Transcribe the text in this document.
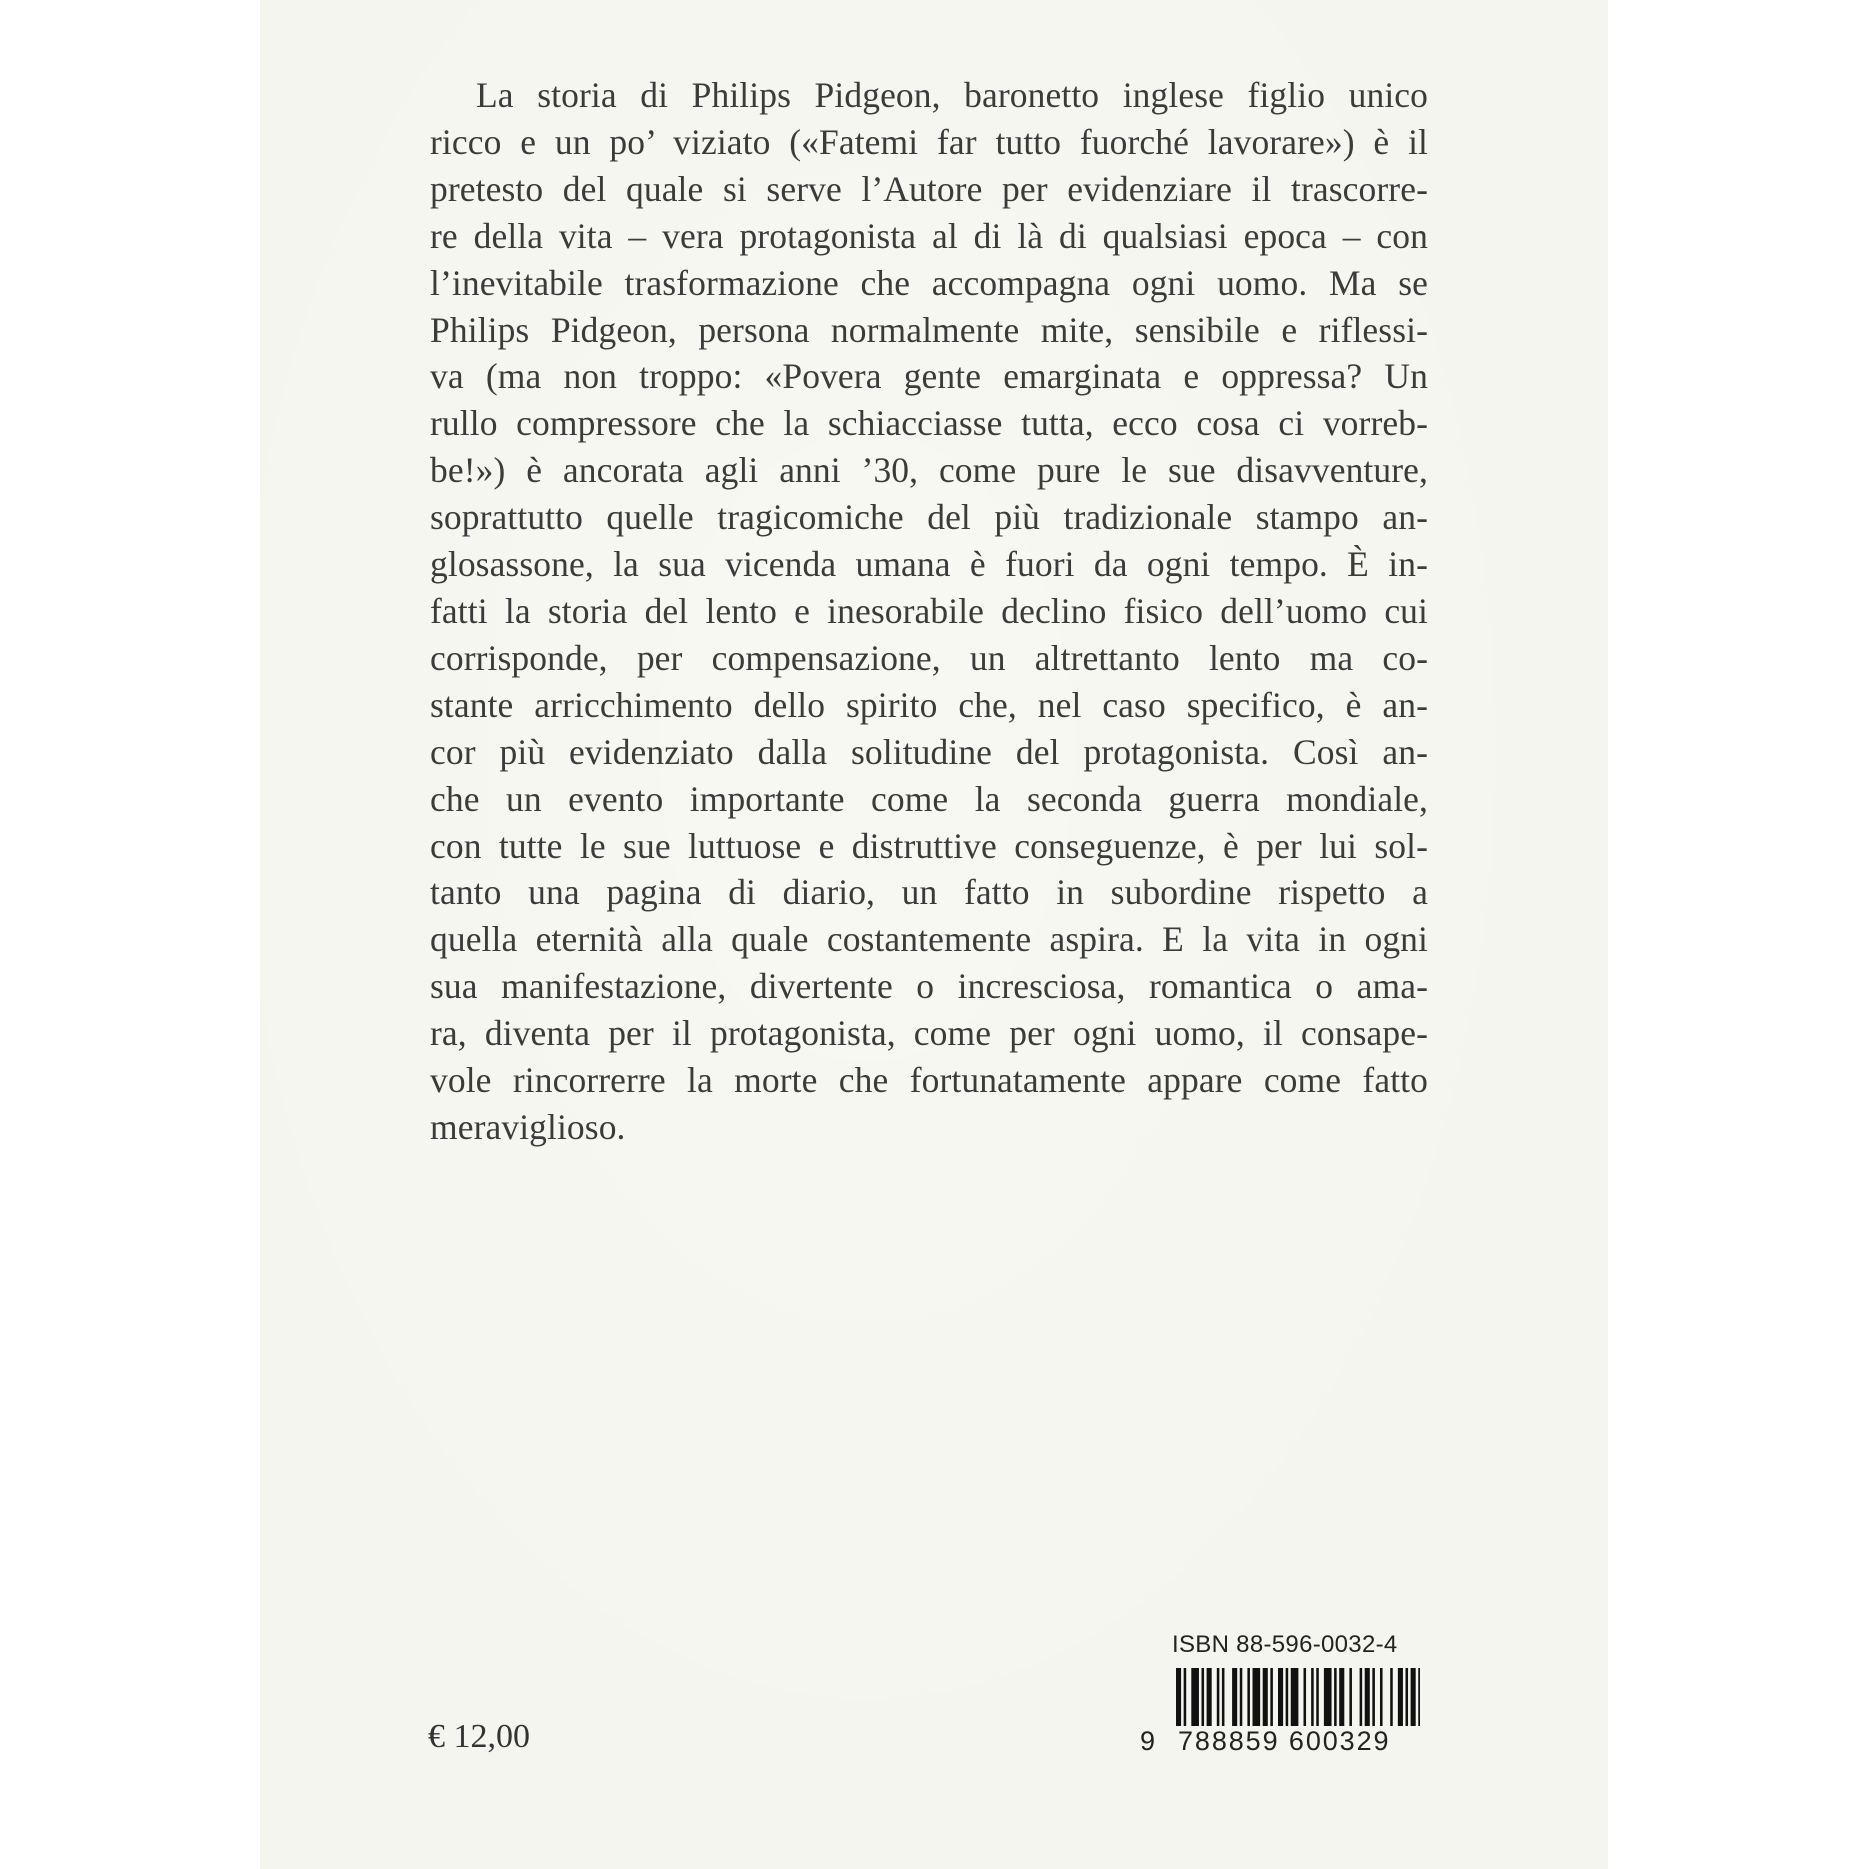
La storia di Philips Pidgeon, baronetto inglese figlio unico
ricco e un po’ viziato («Fatemi far tutto fuorché lavorare») è il
pretesto del quale si serve l’Autore per evidenziare il trascorre-
re della vita – vera protagonista al di là di qualsiasi epoca – con
l’inevitabile trasformazione che accompagna ogni uomo. Ma se
Philips Pidgeon, persona normalmente mite, sensibile e riflessi-
va (ma non troppo: «Povera gente emarginata e oppressa? Un
rullo compressore che la schiacciasse tutta, ecco cosa ci vorreb-
be!») è ancorata agli anni ’30, come pure le sue disavventure,
soprattutto quelle tragicomiche del più tradizionale stampo an-
glosassone, la sua vicenda umana è fuori da ogni tempo. È in-
fatti la storia del lento e inesorabile declino fisico dell’uomo cui
corrisponde, per compensazione, un altrettanto lento ma co-
stante arricchimento dello spirito che, nel caso specifico, è an-
cor più evidenziato dalla solitudine del protagonista. Così an-
che un evento importante come la seconda guerra mondiale,
con tutte le sue luttuose e distruttive conseguenze, è per lui sol-
tanto una pagina di diario, un fatto in subordine rispetto a
quella eternità alla quale costantemente aspira. E la vita in ogni
sua manifestazione, divertente o incresciosa, romantica o ama-
ra, diventa per il protagonista, come per ogni uomo, il consape-
vole rincorrerre la morte che fortunatamente appare come fatto
meraviglioso.
€ 12,00
ISBN 88-596-0032-4
9 788859 600329
